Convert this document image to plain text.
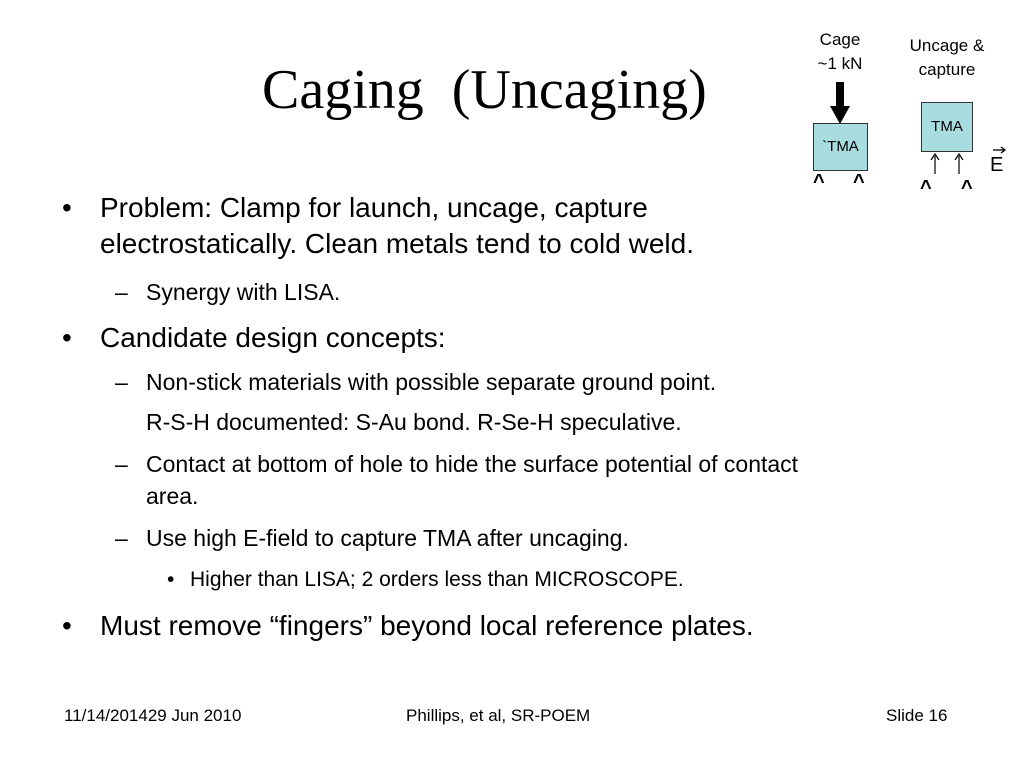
Caging  (Uncaging)
Cage
~1 kN
`TMA
^ ^
Uncage &
capture
TMA
^ ^
E
• Problem: Clamp for launch, uncage, capture
electrostatically. Clean metals tend to cold weld.
– Synergy with LISA.
• Candidate design concepts:
– Non-stick materials with possible separate ground point.
R-S-H documented: S-Au bond. R-Se-H speculative.
– Contact at bottom of hole to hide the surface potential of contact
area.
– Use high E-field to capture TMA after uncaging.
• Higher than LISA; 2 orders less than MICROSCOPE.
• Must remove “fingers” beyond local reference plates.
11/14/201429 Jun 2010	Phillips, et al, SR-POEM	Slide 16
